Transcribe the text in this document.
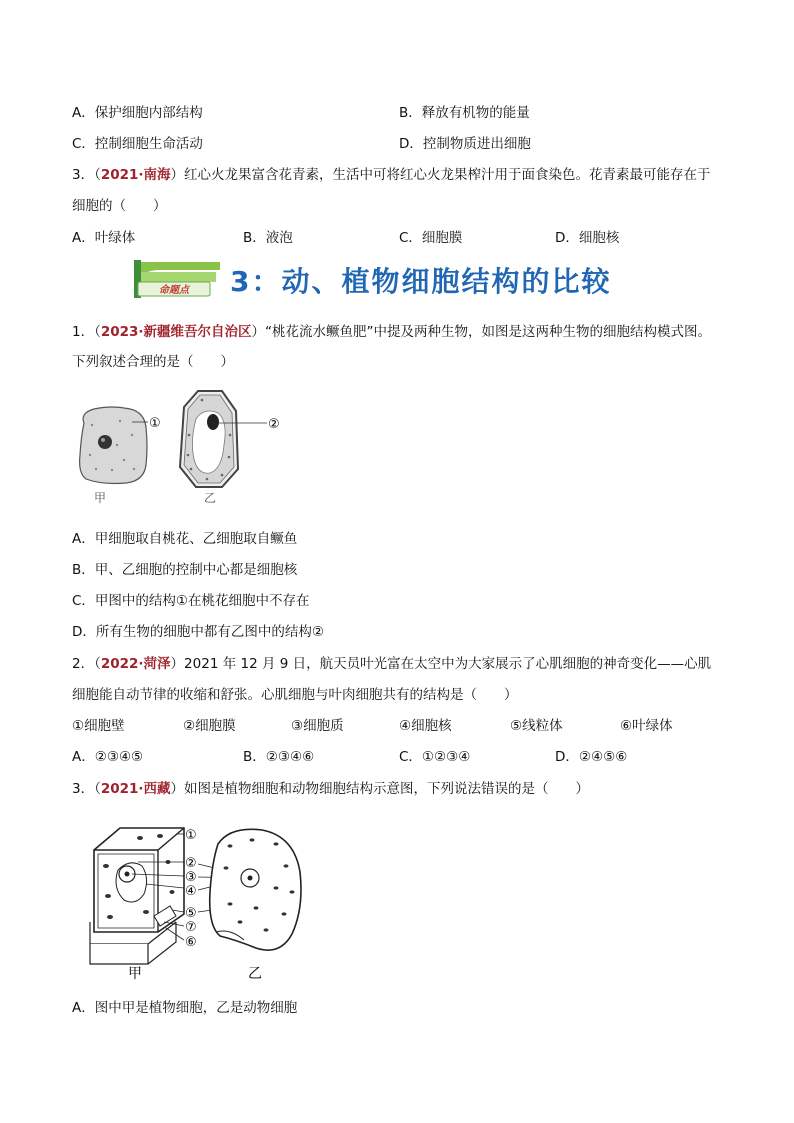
A．保护细胞内部结构	B．释放有机物的能量
C．控制细胞生命活动	D．控制物质进出细胞
3．（2021·南海）红心火龙果富含花青素，生活中可将红心火龙果榨汁用于面食染色。花青素最可能存在于
细胞的（　　）
A．叶绿体	B．液泡	C．细胞膜	D．细胞核
命题点 3：动、植物细胞结构的比较
1．（2023·新疆维吾尔自治区）“桃花流水鳜鱼肥”中提及两种生物，如图是这两种生物的细胞结构模式图。
下列叙述合理的是（　　）
①
甲
②
乙
A．甲细胞取自桃花、乙细胞取自鳜鱼
B．甲、乙细胞的控制中心都是细胞核
C．甲图中的结构①在桃花细胞中不存在
D．所有生物的细胞中都有乙图中的结构②
2．（2022·菏泽）2021 年 12 月 9 日，航天员叶光富在太空中为大家展示了心肌细胞的神奇变化——心肌
细胞能自动节律的收缩和舒张。心肌细胞与叶肉细胞共有的结构是（　　）
①细胞壁	②细胞膜	③细胞质	④细胞核	⑤线粒体	⑥叶绿体
A．②③④⑤	B．②③④⑥	C．①②③④	D．②④⑤⑥
3．（2021·西藏）如图是植物细胞和动物细胞结构示意图，下列说法错误的是（　　）
①
②
③
④
⑤
⑦
⑥
甲	乙
A．图中甲是植物细胞，乙是动物细胞
